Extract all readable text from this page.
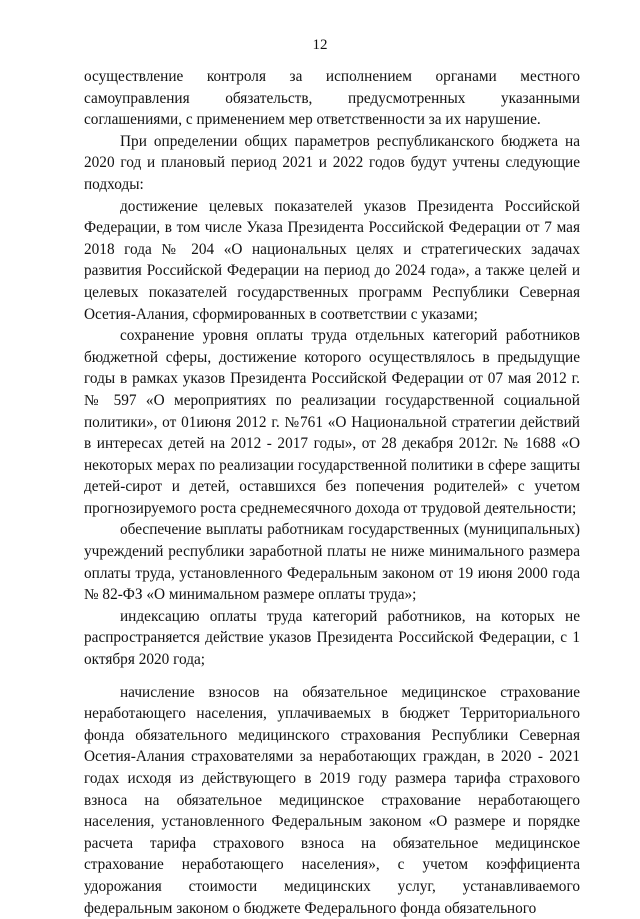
12

осуществление контроля за исполнением органами местного самоуправления обязательств, предусмотренных указанными соглашениями, с применением мер ответственности за их нарушение.

При определении общих параметров республиканского бюджета на 2020 год и плановый период 2021 и 2022 годов будут учтены следующие подходы:

достижение целевых показателей указов Президента Российской Федерации, в том числе Указа Президента Российской Федерации от 7 мая 2018 года № 204 «О национальных целях и стратегических задачах развития Российской Федерации на период до 2024 года», а также целей и целевых показателей государственных программ Республики Северная Осетия-Алания, сформированных в соответствии с указами;

сохранение уровня оплаты труда отдельных категорий работников бюджетной сферы, достижение которого осуществлялось в предыдущие годы в рамках указов Президента Российской Федерации от 07 мая 2012 г. № 597 «О мероприятиях по реализации государственной социальной политики», от 01июня 2012 г. №761 «О Национальной стратегии действий в интересах детей на 2012 - 2017 годы», от 28 декабря 2012г. № 1688 «О некоторых мерах по реализации государственной политики в сфере защиты детей-сирот и детей, оставшихся без попечения родителей» с учетом прогнозируемого роста среднемесячного дохода от трудовой деятельности;

обеспечение выплаты работникам государственных (муниципальных) учреждений республики заработной платы не ниже минимального размера оплаты труда, установленного Федеральным законом от 19 июня 2000 года № 82-ФЗ «О минимальном размере оплаты труда»;

индексацию оплаты труда категорий работников, на которых не распространяется действие указов Президента Российской Федерации, с 1 октября 2020 года;

начисление взносов на обязательное медицинское страхование неработающего населения, уплачиваемых в бюджет Территориального фонда обязательного медицинского страхования Республики Северная Осетия-Алания страхователями за неработающих граждан, в 2020 - 2021 годах исходя из действующего в 2019 году размера тарифа страхового взноса на обязательное медицинское страхование неработающего населения, установленного Федеральным законом «О размере и порядке расчета тарифа страхового взноса на обязательное медицинское страхование неработающего населения», с учетом коэффициента удорожания стоимости медицинских услуг, устанавливаемого федеральным законом о бюджете Федерального фонда обязательного
